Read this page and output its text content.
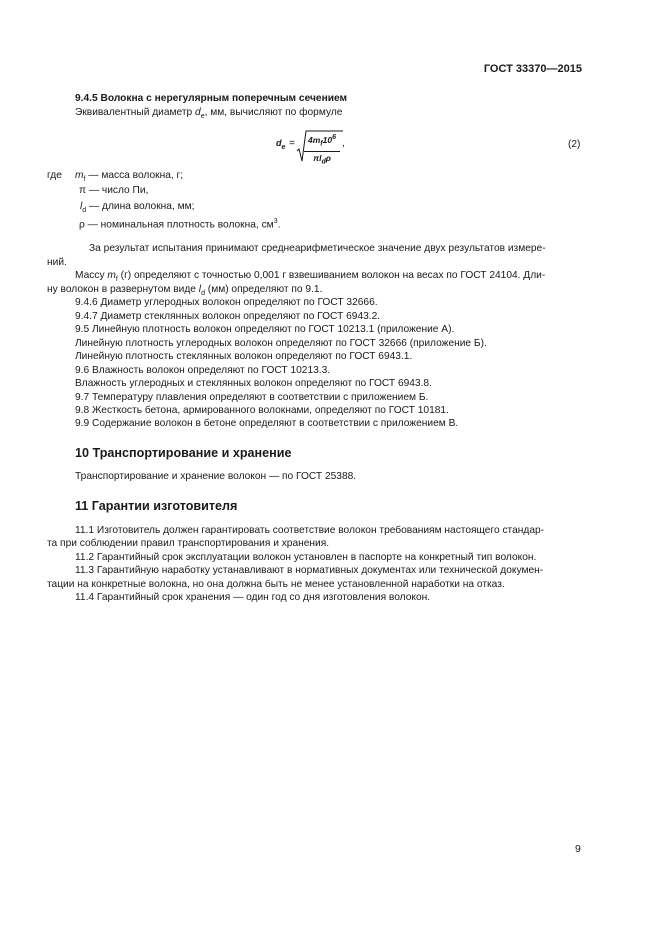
ГОСТ 33370—2015
9.4.5 Волокна с нерегулярным поперечным сечением
Эквивалентный диаметр $d_e$, мм, вычисляют по формуле
$d_e$ =	$4m_f10^6$
$\pi l_d\rho$
,	(2)
где $m_f$ — масса волокна, г;
π — число Пи,
$l_d$ — длина волокна, мм;
ρ — номинальная плотность волокна, $см^3$.
За результат испытания принимают среднеарифметическое значение двух результатов измере-
ний.
Массу $m_f$ (г) определяют с точностью 0,001 г взвешиванием волокон на весах по ГОСТ 24104. Дли-
ну волокон в развернутом виде $l_d$ (мм) определяют по 9.1.
9.4.6 Диаметр углеродных волокон определяют по ГОСТ 32666.
9.4.7 Диаметр стеклянных волокон определяют по ГОСТ 6943.2.
9.5 Линейную плотность волокон определяют по ГОСТ 10213.1 (приложение А).
Линейную плотность углеродных волокон определяют по ГОСТ 32666 (приложение Б).
Линейную плотность стеклянных волокон определяют по ГОСТ 6943.1.
9.6 Влажность волокон определяют по ГОСТ 10213.3.
Влажность углеродных и стеклянных волокон определяют по ГОСТ 6943.8.
9.7 Температуру плавления определяют в соответствии с приложением Б.
9.8 Жесткость бетона, армированного волокнами, определяют по ГОСТ 10181.
9.9 Содержание волокон в бетоне определяют в соответствии с приложением В.
10 Транспортирование и хранение
Транспортирование и хранение волокон — по ГОСТ 25388.
11 Гарантии изготовителя
11.1 Изготовитель должен гарантировать соответствие волокон требованиям настоящего стандар-
та при соблюдении правил транспортирования и хранения.
11.2 Гарантийный срок эксплуатации волокон установлен в паспорте на конкретный тип волокон.
11.3 Гарантийную наработку устанавливают в нормативных документах или технической докумен-
тации на конкретные волокна, но она должна быть не менее установленной наработки на отказ.
11.4 Гарантийный срок хранения — один год со дня изготовления волокон.
9
